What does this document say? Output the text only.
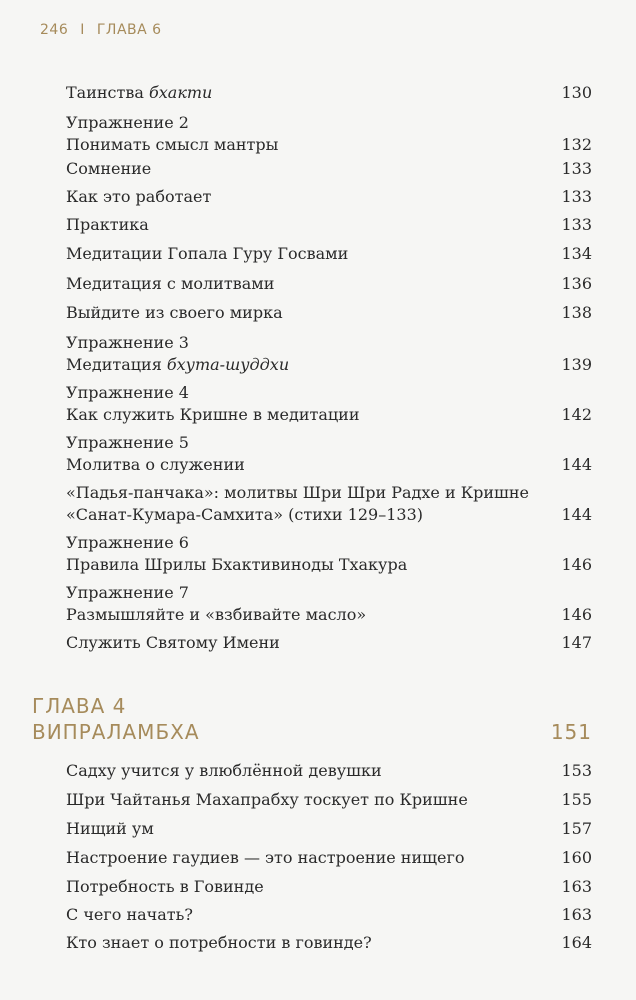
246 I ГЛАВА 6
Таинства бхакти	130
Упражнение 2
Понимать смысл мантры	132
Сомнение	133
Как это работает	133
Практика	133
Медитации Гопала Гуру Госвами	134
Медитация с молитвами	136
Выйдите из своего мирка	138
Упражнение 3
Медитация бхута-шуддхи	139
Упражнение 4
Как служить Кришне в медитации	142
Упражнение 5
Молитва о служении	144
«Падья-панчака»: молитвы Шри Шри Радхе и Кришне
«Санат-Кумара-Самхита» (стихи 129–133)	144
Упражнение 6
Правила Шрилы Бхактивиноды Тхакура	146
Упражнение 7
Размышляйте и «взбивайте масло»	146
Служить Святому Имени	147
Садху учится у влюблённой девушки	153
Шри Чайтанья Махапрабху тоскует по Кришне	155
Нищий ум	157
Настроение гаудиев — это настроение нищего	160
Потребность в Говинде	163
С чего начать?	163
Кто знает о потребности в говинде?	164
ГЛАВА 4
ВИПРАЛАМБХА	151
